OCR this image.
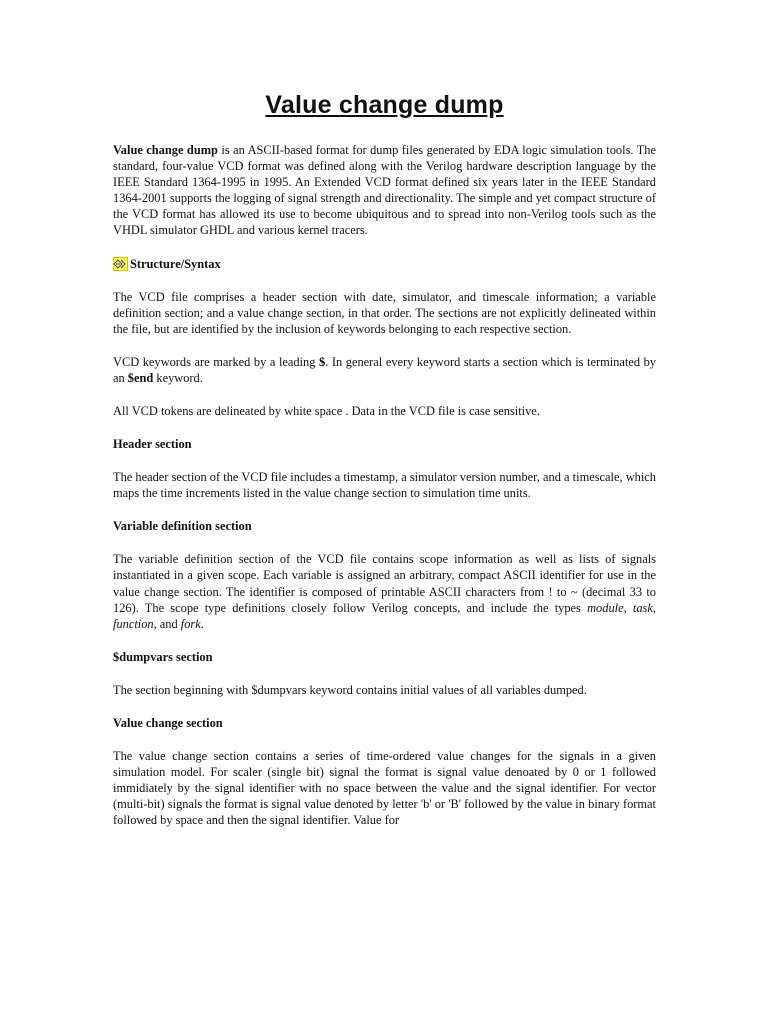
Value change dump

Value change dump is an ASCII-based format for dump files generated by EDA logic simulation tools. The standard, four-value VCD format was defined along with the Verilog hardware description language by the IEEE Standard 1364-1995 in 1995. An Extended VCD format defined six years later in the IEEE Standard 1364-2001 supports the logging of signal strength and directionality. The simple and yet compact structure of the VCD format has allowed its use to become ubiquitous and to spread into non-Verilog tools such as the VHDL simulator GHDL and various kernel tracers.

Structure/Syntax

The VCD file comprises a header section with date, simulator, and timescale information; a variable definition section; and a value change section, in that order. The sections are not explicitly delineated within the file, but are identified by the inclusion of keywords belonging to each respective section.

VCD keywords are marked by a leading $. In general every keyword starts a section which is terminated by an $end keyword.

All VCD tokens are delineated by white space . Data in the VCD file is case sensitive.

Header section

The header section of the VCD file includes a timestamp, a simulator version number, and a timescale, which maps the time increments listed in the value change section to simulation time units.

Variable definition section

The variable definition section of the VCD file contains scope information as well as lists of signals instantiated in a given scope. Each variable is assigned an arbitrary, compact ASCII identifier for use in the value change section. The identifier is composed of printable ASCII characters from ! to ~ (decimal 33 to 126). The scope type definitions closely follow Verilog concepts, and include the types module, task, function, and fork.

$dumpvars section

The section beginning with $dumpvars keyword contains initial values of all variables dumped.

Value change section

The value change section contains a series of time-ordered value changes for the signals in a given simulation model. For scaler (single bit) signal the format is signal value denoated by 0 or 1 followed immidiately by the signal identifier with no space between the value and the signal identifier. For vector (multi-bit) signals the format is signal value denoted by letter 'b' or 'B' followed by the value in binary format followed by space and then the signal identifier. Value for
